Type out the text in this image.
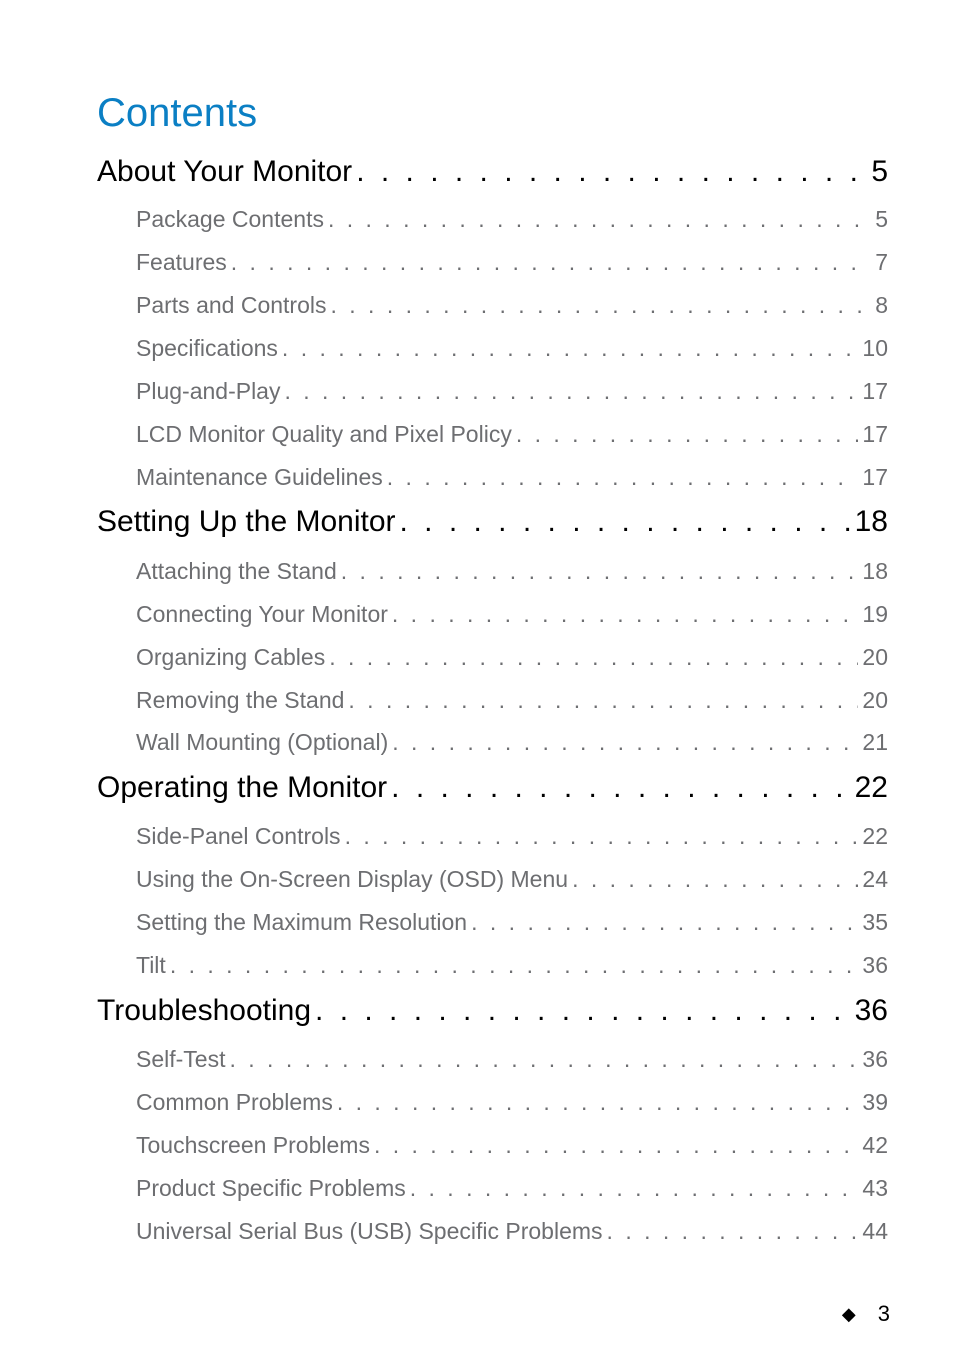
Contents
About Your Monitor . . .	5
Package Contents . . .	5
Features . . .	7
Parts and Controls . . .	8
Specifications . . .	10
Plug-and-Play . . .	17
LCD Monitor Quality and Pixel Policy . . .	17
Maintenance Guidelines . . .	17
Setting Up the Monitor . . .	18
Attaching the Stand . . .	18
Connecting Your Monitor . . .	19
Organizing Cables . . .	20
Removing the Stand . . .	20
Wall Mounting (Optional) . . .	21
Operating the Monitor . . .	22
Side-Panel Controls . . .	22
Using the On-Screen Display (OSD) Menu . . .	24
Setting the Maximum Resolution . . .	35
Tilt . . .	36
Troubleshooting . . .	36
Self-Test . . .	36
Common Problems . . .	39
Touchscreen Problems . . .	42
Product Specific Problems . . .	43
Universal Serial Bus (USB) Specific Problems . . .	44
◆ 3
